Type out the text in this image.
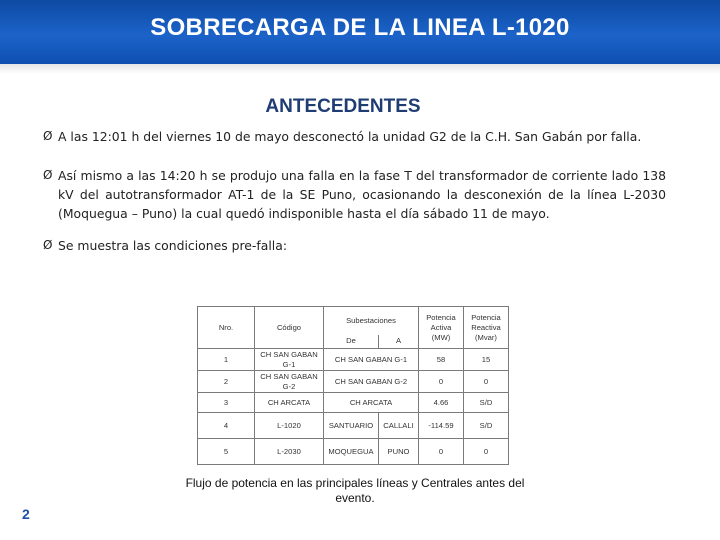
SOBRECARGA DE LA LINEA L-1020
ANTECEDENTES
Ø A las 12:01 h del viernes 10 de mayo desconectó la unidad G2 de la C.H. San Gabán por falla.
Ø Así mismo a las 14:20 h se produjo una falla en la fase T del transformador de corriente lado 138 kV del autotransformador AT-1 de la SE Puno, ocasionando la desconexión de la línea L-2030 (Moquegua – Puno) la cual quedó indisponible hasta el día sábado 11 de mayo.
Ø Se muestra las condiciones pre-falla:
Nro.	Código	Subestaciones		Potencia Activa (MW)	Potencia Reactiva (Mvar)
		De	A		
1	CH SAN GABAN G-1	CH SAN GABAN G-1		58	15
2	CH SAN GABAN G-2	CH SAN GABAN G-2		0	0
3	CH ARCATA	CH ARCATA		4.66	S/D
4	L-1020	SANTUARIO	CALLALI	-114.59	S/D
5	L-2030	MOQUEGUA	PUNO	0	0
Flujo de potencia en las principales líneas y Centrales antes del evento.
2
